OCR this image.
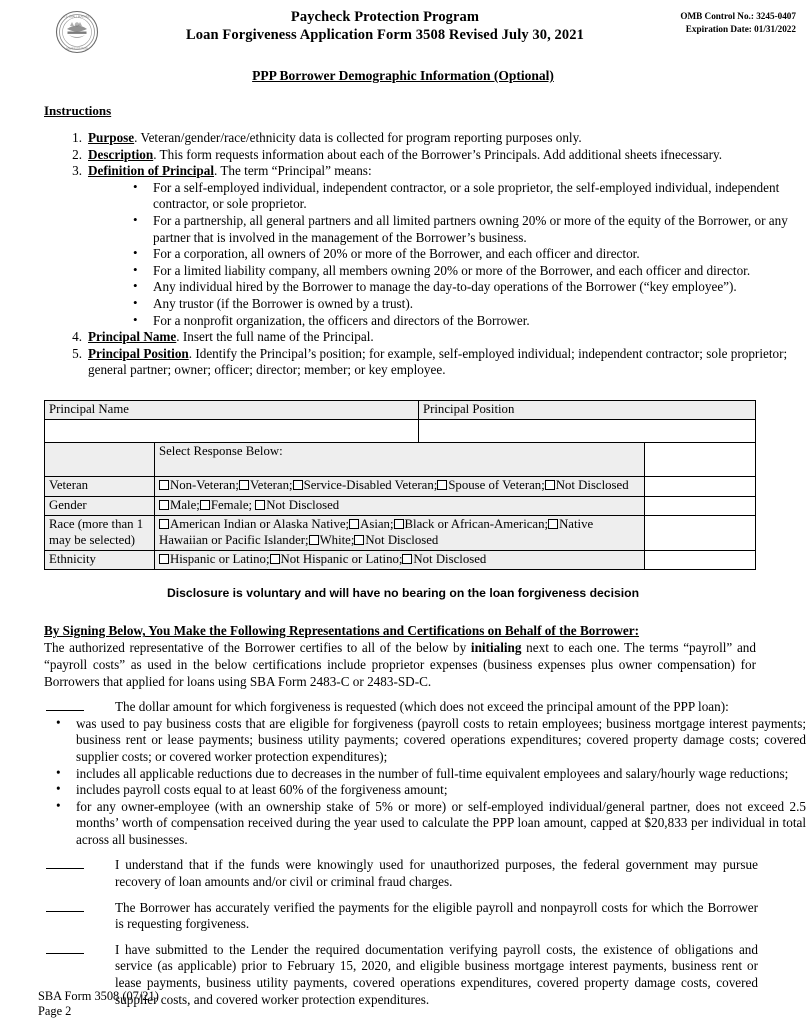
U.S. SMALL BUSINESS
ADMINISTRATION
Paycheck Protection Program
Loan Forgiveness Application Form 3508 Revised July 30, 2021
OMB Control No.: 3245-0407
Expiration Date: 01/31/2022
PPP Borrower Demographic Information (Optional)
Instructions
1. Purpose. Veteran/gender/race/ethnicity data is collected for program reporting purposes only.
2. Description. This form requests information about each of the Borrower’s Principals. Add additional sheets ifnecessary.
3. Definition of Principal. The term “Principal” means:
• For a self-employed individual, independent contractor, or a sole proprietor, the self-employed individual, independent contractor, or sole proprietor.
• For a partnership, all general partners and all limited partners owning 20% or more of the equity of the Borrower, or any partner that is involved in the management of the Borrower’s business.
• For a corporation, all owners of 20% or more of the Borrower, and each officer and director.
• For a limited liability company, all members owning 20% or more of the Borrower, and each officer and director.
• Any individual hired by the Borrower to manage the day-to-day operations of the Borrower (“key employee”).
• Any trustor (if the Borrower is owned by a trust).
• For a nonprofit organization, the officers and directors of the Borrower.
4. Principal Name. Insert the full name of the Principal.
5. Principal Position. Identify the Principal’s position; for example, self-employed individual; independent contractor; sole proprietor; general partner; owner; officer; director; member; or key employee.
Principal Name		Principal Position	

	Select Response Below:		
Veteran	Non-Veteran; Veteran; Service-Disabled Veteran; Spouse of Veteran; Not Disclosed		
Gender	Male; Female; Not Disclosed		
Race (more than 1 may be selected)	American Indian or Alaska Native; Asian; Black or African-American; Native Hawaiian or Pacific Islander; White; Not Disclosed		
Ethnicity	Hispanic or Latino; Not Hispanic or Latino; Not Disclosed		
Disclosure is voluntary and will have no bearing on the loan forgiveness decision
By Signing Below, You Make the Following Representations and Certifications on Behalf of the Borrower:
The authorized representative of the Borrower certifies to all of the below by initialing next to each one. The terms “payroll” and “payroll costs” as used in the below certifications include proprietor expenses (business expenses plus owner compensation) for Borrowers that applied for loans using SBA Form 2483-C or 2483-SD-C.
The dollar amount for which forgiveness is requested (which does not exceed the principal amount of the PPP loan):
• was used to pay business costs that are eligible for forgiveness (payroll costs to retain employees; business mortgage interest payments; business rent or lease payments; business utility payments; covered operations expenditures; covered property damage costs; covered supplier costs; or covered worker protection expenditures);
• includes all applicable reductions due to decreases in the number of full-time equivalent employees and salary/hourly wage reductions;
• includes payroll costs equal to at least 60% of the forgiveness amount;
• for any owner-employee (with an ownership stake of 5% or more) or self-employed individual/general partner, does not exceed 2.5 months’ worth of compensation received during the year used to calculate the PPP loan amount, capped at $20,833 per individual in total across all businesses.
I understand that if the funds were knowingly used for unauthorized purposes, the federal government may pursue recovery of loan amounts and/or civil or criminal fraud charges.
The Borrower has accurately verified the payments for the eligible payroll and nonpayroll costs for which the Borrower is requesting forgiveness.
I have submitted to the Lender the required documentation verifying payroll costs, the existence of obligations and service (as applicable) prior to February 15, 2020, and eligible business mortgage interest payments, business rent or lease payments, business utility payments, covered operations expenditures, covered property damage costs, covered supplier costs, and covered worker protection expenditures.
SBA Form 3508 (07/21)
Page 2
